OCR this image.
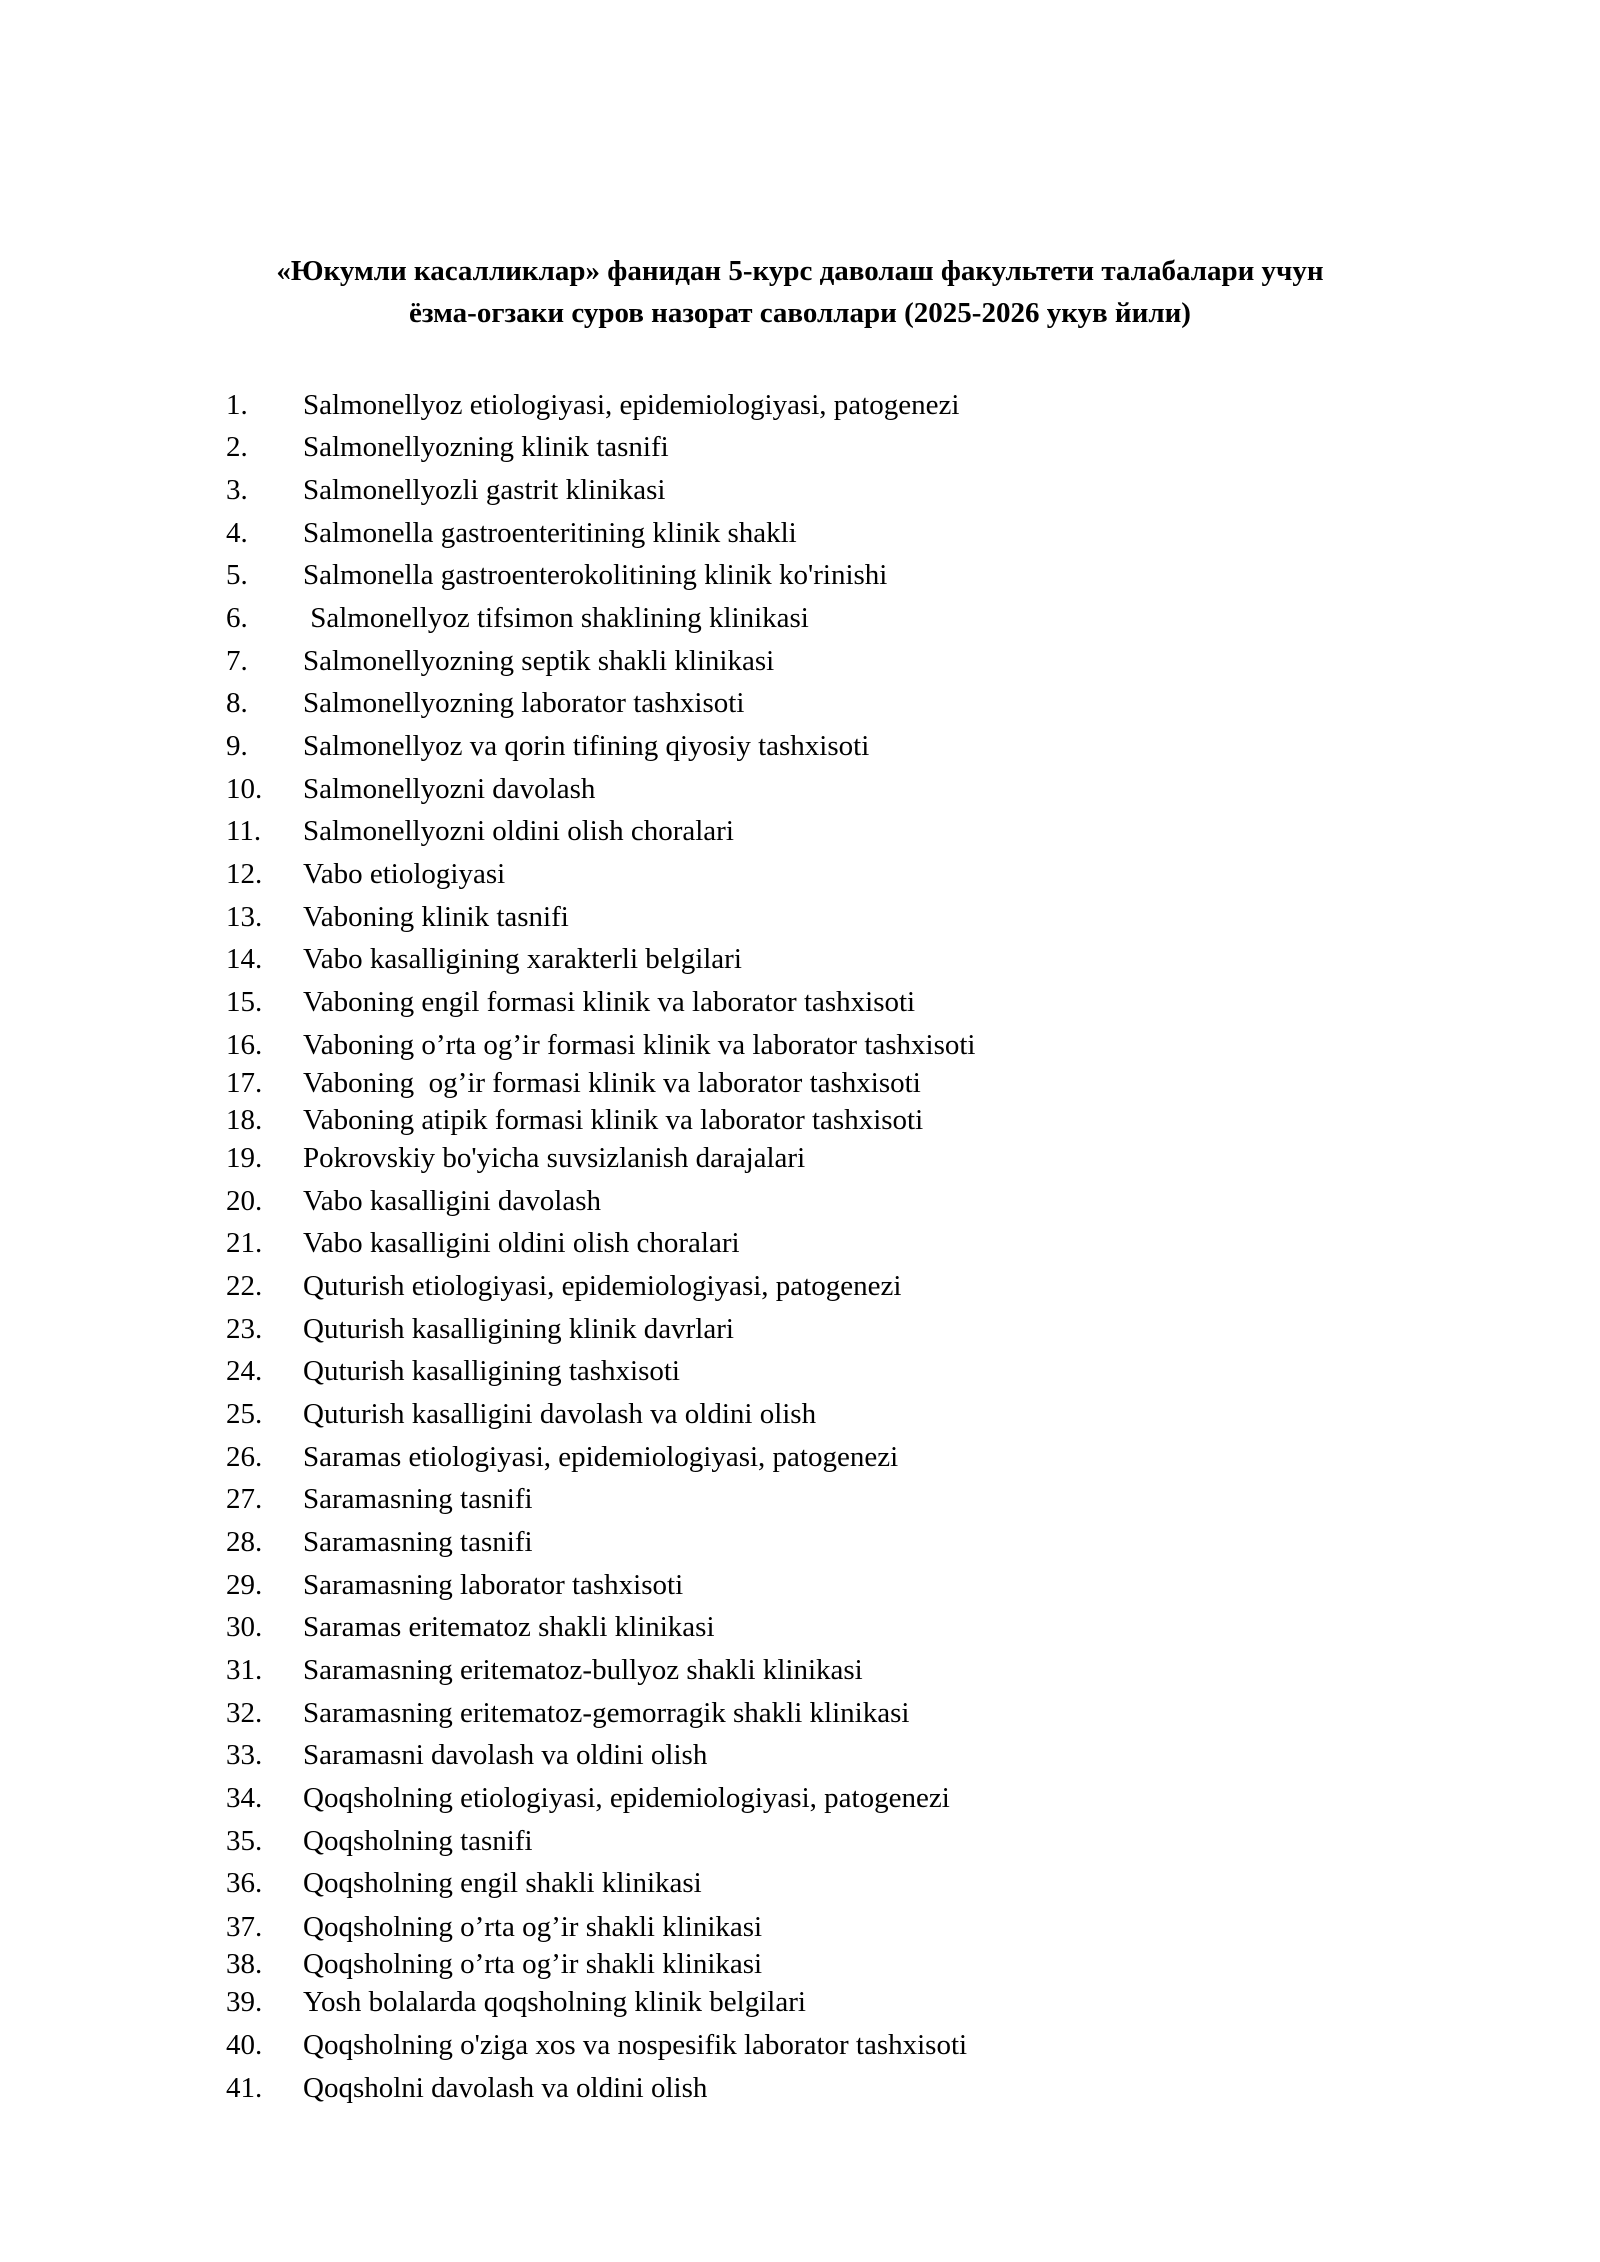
«Юкумли касалликлар» фанидан 5-курс даволаш факультети талабалари учун
ёзма-огзаки суров назорат саволлари (2025-2026 укув йили)
1. Salmonellyoz etiologiyasi, epidemiologiyasi, patogenezi
2. Salmonellyozning klinik tasnifi
3. Salmonellyozli gastrit klinikasi
4. Salmonella gastroenteritining klinik shakli
5. Salmonella gastroenterokolitining klinik ko'rinishi
6. Salmonellyoz tifsimon shaklining klinikasi
7. Salmonellyozning septik shakli klinikasi
8. Salmonellyozning laborator tashxisoti
9. Salmonellyoz va qorin tifining qiyosiy tashxisoti
10. Salmonellyozni davolash
11. Salmonellyozni oldini olish choralari
12. Vabo etiologiyasi
13. Vaboning klinik tasnifi
14. Vabo kasalligining xarakterli belgilari
15. Vaboning engil formasi klinik va laborator tashxisoti
16. Vaboning o’rta og’ir formasi klinik va laborator tashxisoti
17. Vaboning  og’ir formasi klinik va laborator tashxisoti
18. Vaboning atipik formasi klinik va laborator tashxisoti
19. Pokrovskiy bo'yicha suvsizlanish darajalari
20. Vabo kasalligini davolash
21. Vabo kasalligini oldini olish choralari
22. Quturish etiologiyasi, epidemiologiyasi, patogenezi
23. Quturish kasalligining klinik davrlari
24. Quturish kasalligining tashxisoti
25. Quturish kasalligini davolash va oldini olish
26. Saramas etiologiyasi, epidemiologiyasi, patogenezi
27. Saramasning tasnifi
28. Saramasning tasnifi
29. Saramasning laborator tashxisoti
30. Saramas eritematoz shakli klinikasi
31. Saramasning eritematoz-bullyoz shakli klinikasi
32. Saramasning eritematoz-gemorragik shakli klinikasi
33. Saramasni davolash va oldini olish
34. Qoqsholning etiologiyasi, epidemiologiyasi, patogenezi
35. Qoqsholning tasnifi
36. Qoqsholning engil shakli klinikasi
37. Qoqsholning o’rta og’ir shakli klinikasi
38. Qoqsholning o’rta og’ir shakli klinikasi
39. Yosh bolalarda qoqsholning klinik belgilari
40. Qoqsholning o'ziga xos va nospesifik laborator tashxisoti
41. Qoqsholni davolash va oldini olish
